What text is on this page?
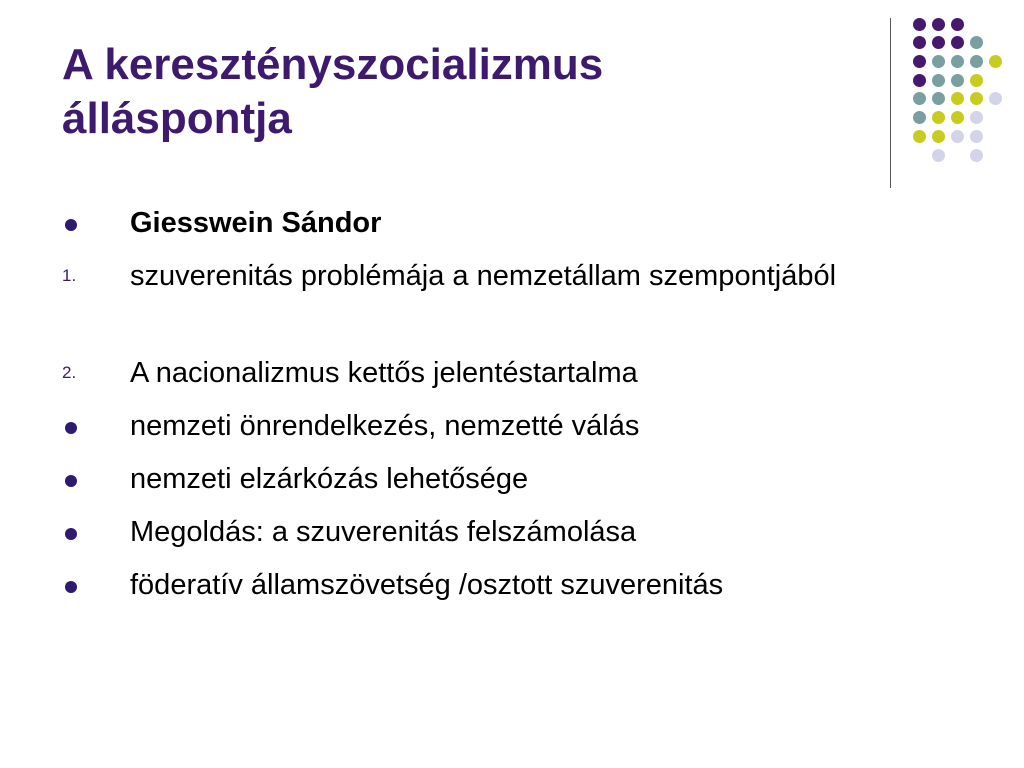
A keresztényszocializmus
álláspontja
Giesswein Sándor
1. szuverenitás problémája a nemzetállam szempontjából
2. A nacionalizmus kettős jelentéstartalma
nemzeti önrendelkezés, nemzetté válás
nemzeti elzárkózás lehetősége
Megoldás: a szuverenitás felszámolása
föderatív államszövetség /osztott szuverenitás
